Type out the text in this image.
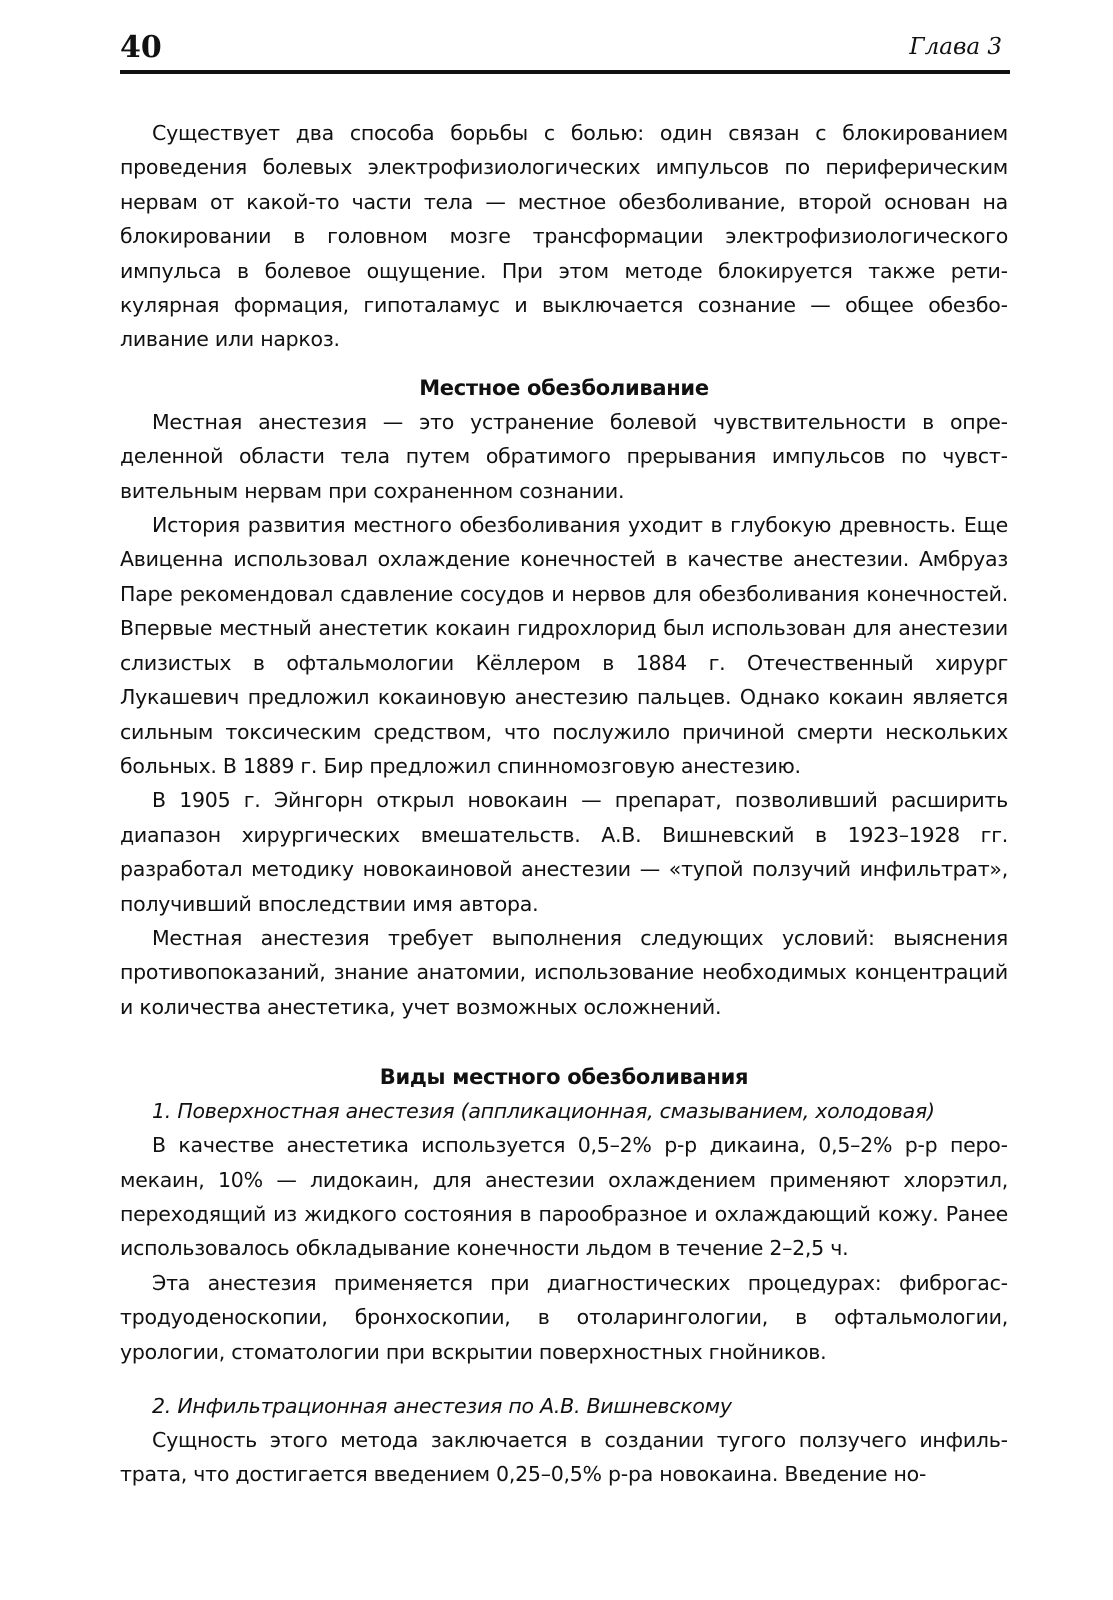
40	Глава 3

Существует два способа борьбы с болью: один связан с блокированием проведения болевых электрофизиологических импульсов по периферическим нервам от какой-то части тела — местное обезболивание, второй основан на блокировании в головном мозге трансформации электрофизиологического импульса в болевое ощущение. При этом методе блокируется также ретикулярная формация, гипоталамус и выключается сознание — общее обезболивание или наркоз.

Местное обезболивание

Местная анестезия — это устранение болевой чувствительности в определенной области тела путем обратимого прерывания импульсов по чувствительным нервам при сохраненном сознании.

История развития местного обезболивания уходит в глубокую древность. Еще Авиценна использовал охлаждение конечностей в качестве анестезии. Амбруаз Паре рекомендовал сдавление сосудов и нервов для обезболивания конечностей. Впервые местный анестетик кокаин гидрохлорид был использован для анестезии слизистых в офтальмологии Кёллером в 1884 г. Отечественный хирург Лукашевич предложил кокаиновую анестезию пальцев. Однако кокаин является сильным токсическим средством, что послужило причиной смерти нескольких больных. В 1889 г. Бир предложил спинномозговую анестезию.

В 1905 г. Эйнгорн открыл новокаин — препарат, позволивший расширить диапазон хирургических вмешательств. А.В. Вишневский в 1923–1928 гг. разработал методику новокаиновой анестезии — «тупой ползучий инфильтрат», получивший впоследствии имя автора.

Местная анестезия требует выполнения следующих условий: выяснения противопоказаний, знание анатомии, использование необходимых концентраций и количества анестетика, учет возможных осложнений.

Виды местного обезболивания

1. Поверхностная анестезия (аппликационная, смазыванием, холодовая)

В качестве анестетика используется 0,5–2% р-р дикаина, 0,5–2% р-р перомекаин, 10% — лидокаин, для анестезии охлаждением применяют хлорэтил, переходящий из жидкого состояния в парообразное и охлаждающий кожу. Ранее использовалось обкладывание конечности льдом в течение 2–2,5 ч.

Эта анестезия применяется при диагностических процедурах: фиброгастродуоденоскопии, бронхоскопии, в отоларингологии, в офтальмологии, урологии, стоматологии при вскрытии поверхностных гнойников.

2. Инфильтрационная анестезия по А.В. Вишневскому

Сущность этого метода заключается в создании тугого ползучего инфильтрата, что достигается введением 0,25–0,5% р-ра новокаина. Введение но-
